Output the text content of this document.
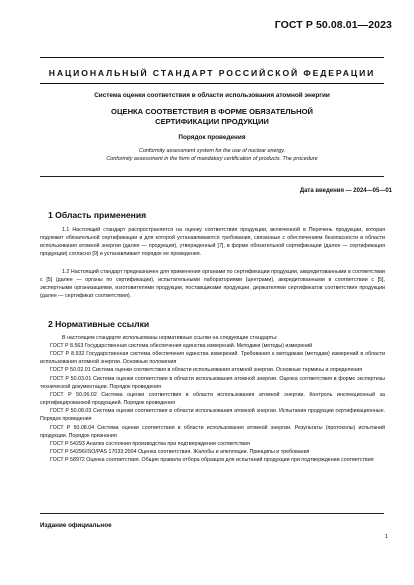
ГОСТ Р 50.08.01—2023
НАЦИОНАЛЬНЫЙ СТАНДАРТ РОССИЙСКОЙ ФЕДЕРАЦИИ
Система оценки соответствия в области использования атомной энергии
ОЦЕНКА СООТВЕТСТВИЯ В ФОРМЕ ОБЯЗАТЕЛЬНОЙ
СЕРТИФИКАЦИИ ПРОДУКЦИИ
Порядок проведения
Conformity assessment system for the use of nuclear energy.
Conformity assessment in the form of mandatory certification of products. The procedure
Дата введения — 2024—05—01
1 Область применения
1.1 Настоящий стандарт распространяется на оценку соответствия продукции, включенной в Перечень продукции, которая подлежит обязательной сертификации и для которой устанавливаются требования, связанные с обеспечением безопасности в области использования атомной энергии (далее — продукция), утвержденный [7], в форме обязательной сертификации (далее — сертификация продукции) согласно [9] и устанавливает порядок ее проведения.
1.2 Настоящий стандарт предназначен для применения органами по сертификации продукции, аккредитованными в соответствии с [5] (далее — органы по сертификации), испытательными лабораториями (центрами), аккредитованными в соответствии с [5], экспертными организациями, изготовителями продукции, поставщиками продукции, держателями сертификатов соответствия продукции (далее — сертификат соответствия).
2 Нормативные ссылки
В настоящем стандарте использованы нормативные ссылки на следующие стандарты:
ГОСТ Р 8.563 Государственная система обеспечения единства измерений. Методики (методы) измерений
ГОСТ Р 8.932 Государственная система обеспечения единства измерений. Требования к методикам (методам) измерений в области использования атомной энергии. Основные положения
ГОСТ Р 50.02.01 Система оценки соответствия в области использования атомной энергии. Основные термины и определения
ГОСТ Р 50.03.01 Система оценки соответствия в области использования атомной энергии. Оценка соответствия в форме экспертизы технической документации. Порядок проведения
ГОСТ Р 50.06.02 Система оценки соответствия в области использования атомной энергии. Контроль инспекционный за сертифицированной продукцией. Порядок проведения
ГОСТ Р 50.08.03 Система оценки соответствия в области использования атомной энергии. Испытания продукции сертификационные. Порядок проведения
ГОСТ Р 50.08.04 Система оценки соответствия в области использования атомной энергии. Результаты (протоколы) испытаний продукции. Порядок признания
ГОСТ Р 54293 Анализ состояния производства при подтверждении соответствия
ГОСТ Р 54296/ISO/PAS 17033:2004 Оценка соответствия. Жалобы и апелляции. Принципы и требования
ГОСТ Р 58972 Оценка соответствия. Общие правила отбора образцов для испытаний продукции при подтверждении соответствия
Издание официальное
1
